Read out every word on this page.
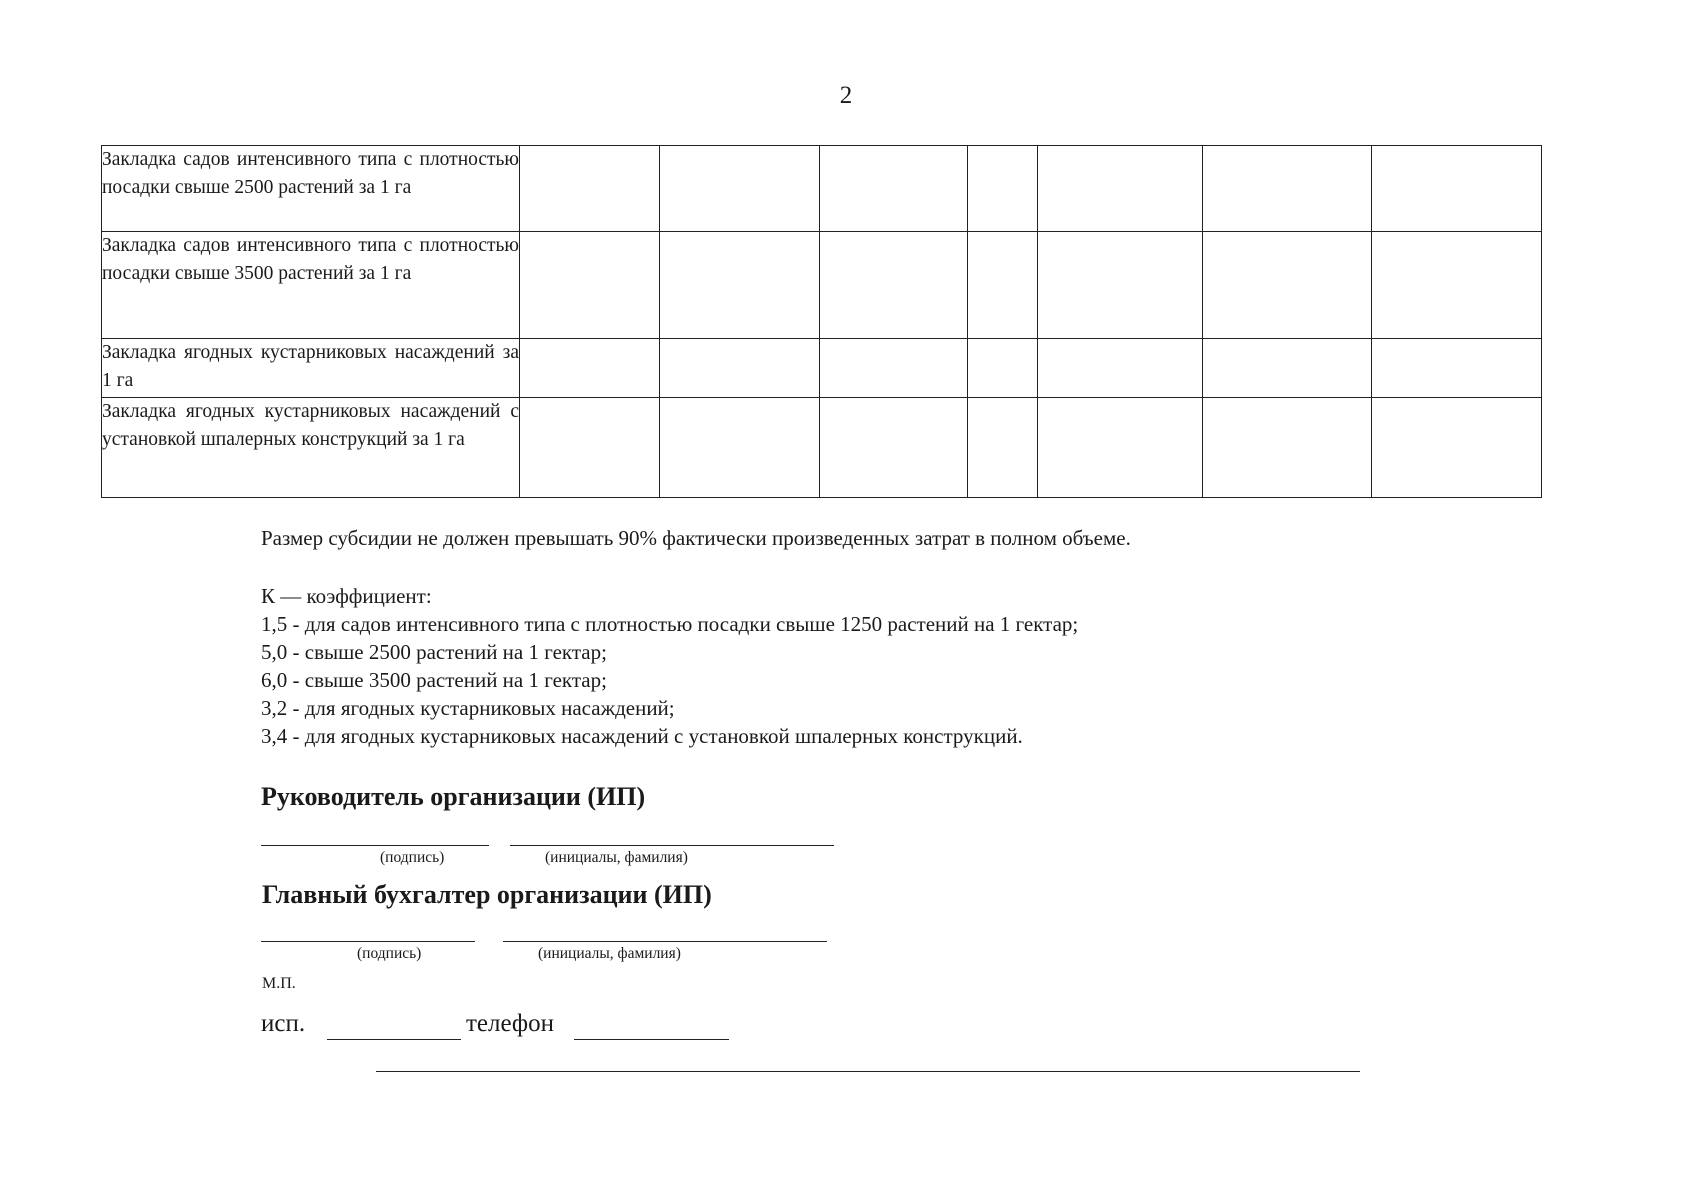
2
Закладка садов интенсивного типа с плотностью посадки свыше 2500 растений за 1 га							
Закладка садов интенсивного типа с плотностью посадки свыше 3500 растений за 1 га							
Закладка ягодных кустарниковых насаждений за 1 га							
Закладка ягодных кустарниковых насаждений с установкой шпалерных конструкций за 1 га							
Размер субсидии не должен превышать 90% фактически произведенных затрат в полном объеме.
К — коэффициент:
1,5 - для садов интенсивного типа с плотностью посадки свыше 1250 растений на 1 гектар;
5,0 - свыше 2500 растений на 1 гектар;
6,0 - свыше 3500 растений на 1 гектар;
3,2 - для ягодных кустарниковых насаждений;
3,4 - для ягодных кустарниковых насаждений с установкой шпалерных конструкций.
Руководитель организации (ИП)
(подпись)	(инициалы, фамилия)
Главный бухгалтер организации (ИП)
(подпись)	(инициалы, фамилия)
М.П.
исп.	телефон
